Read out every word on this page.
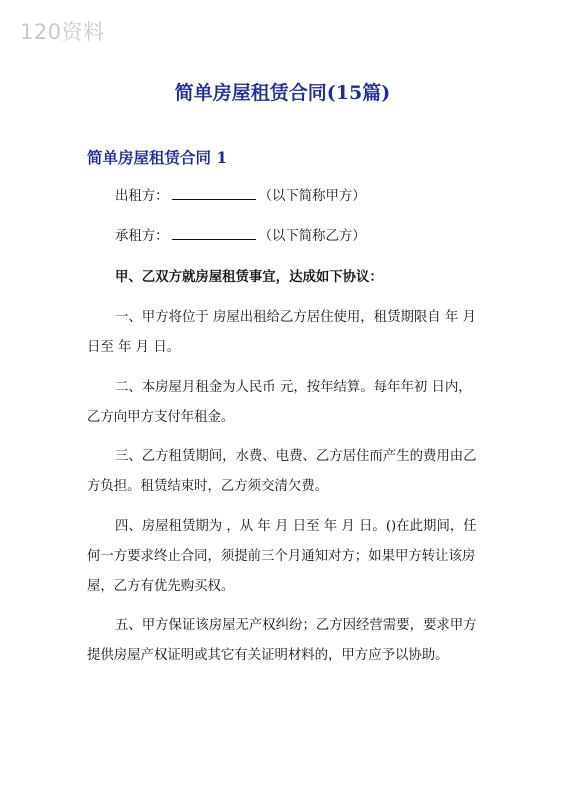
120资料
简单房屋租赁合同(15篇)
简单房屋租赁合同 1

出租方：	（以下简称甲方）

承租方：	（以下简称乙方）

甲、乙双方就房屋租赁事宜，达成如下协议：

一、甲方将位于 房屋出租给乙方居住使用，租赁期限自 年 月 日至 年 月 日。

二、本房屋月租金为人民币 元，按年结算。每年年初 日内，乙方向甲方支付年租金。

三、乙方租赁期间，水费、电费、乙方居住而产生的费用由乙方负担。租赁结束时，乙方须交清欠费。

四、房屋租赁期为 ，从 年 月 日至 年 月 日。()在此期间，任何一方要求终止合同，须提前三个月通知对方；如果甲方转让该房屋，乙方有优先购买权。

五、甲方保证该房屋无产权纠纷；乙方因经营需要，要求甲方提供房屋产权证明或其它有关证明材料的，甲方应予以协助。
